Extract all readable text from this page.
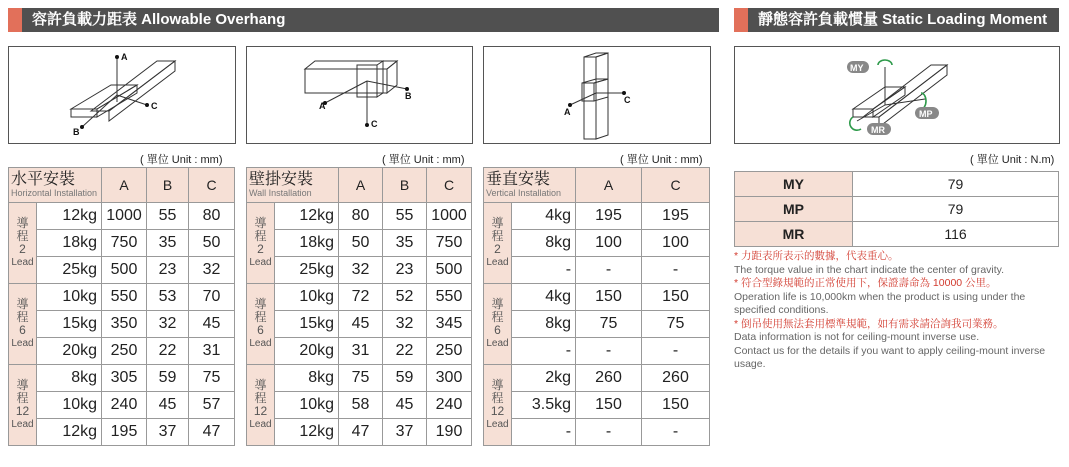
容許負載力距表 Allowable Overhang	靜態容許負載慣量 Static Loading Moment
A
C
B
A
B
C
A
C
MY
MP
MR
( 單位 Unit : mm)	( 單位 Unit : mm)	( 單位 Unit : mm)	( 單位 Unit : N.m)
水平安裝
Horizontal Installation		A	B	C
導
程
2
Lead	12kg	1000	55	80
	18kg	750	35	50
	25kg	500	23	32
導
程
6
Lead	10kg	550	53	70
	15kg	350	32	45
	20kg	250	22	31
導
程
12
Lead	8kg	305	59	75
	10kg	240	45	57
	12kg	195	37	47
壁掛安裝
Wall Installation		A	B	C
導
程
2
Lead	12kg	80	55	1000
	18kg	50	35	750
	25kg	32	23	500
導
程
6
Lead	10kg	72	52	550
	15kg	45	32	345
	20kg	31	22	250
導
程
12
Lead	8kg	75	59	300
	10kg	58	45	240
	12kg	47	37	190
垂直安裝
Vertical Installation		A	C
導
程
2
Lead	4kg	195	195
	8kg	100	100
	-	-	-
導
程
6
Lead	4kg	150	150
	8kg	75	75
	-	-	-
導
程
12
Lead	2kg	260	260
	3.5kg	150	150
	-	-	-
MY	79
MP	79
MR	116
* 力距表所表示的數據，代表重心。
The torque value in the chart indicate the center of gravity.
* 符合型錄規範的正常使用下，保證壽命為 10000 公里。
Operation life is 10,000km when the product is using under the specified conditions.
* 倒吊使用無法套用標準規範，如有需求請洽詢我司業務。
Data information is not for ceiling-mount inverse use.
Contact us for the details if you want to apply ceiling-mount inverse usage.
